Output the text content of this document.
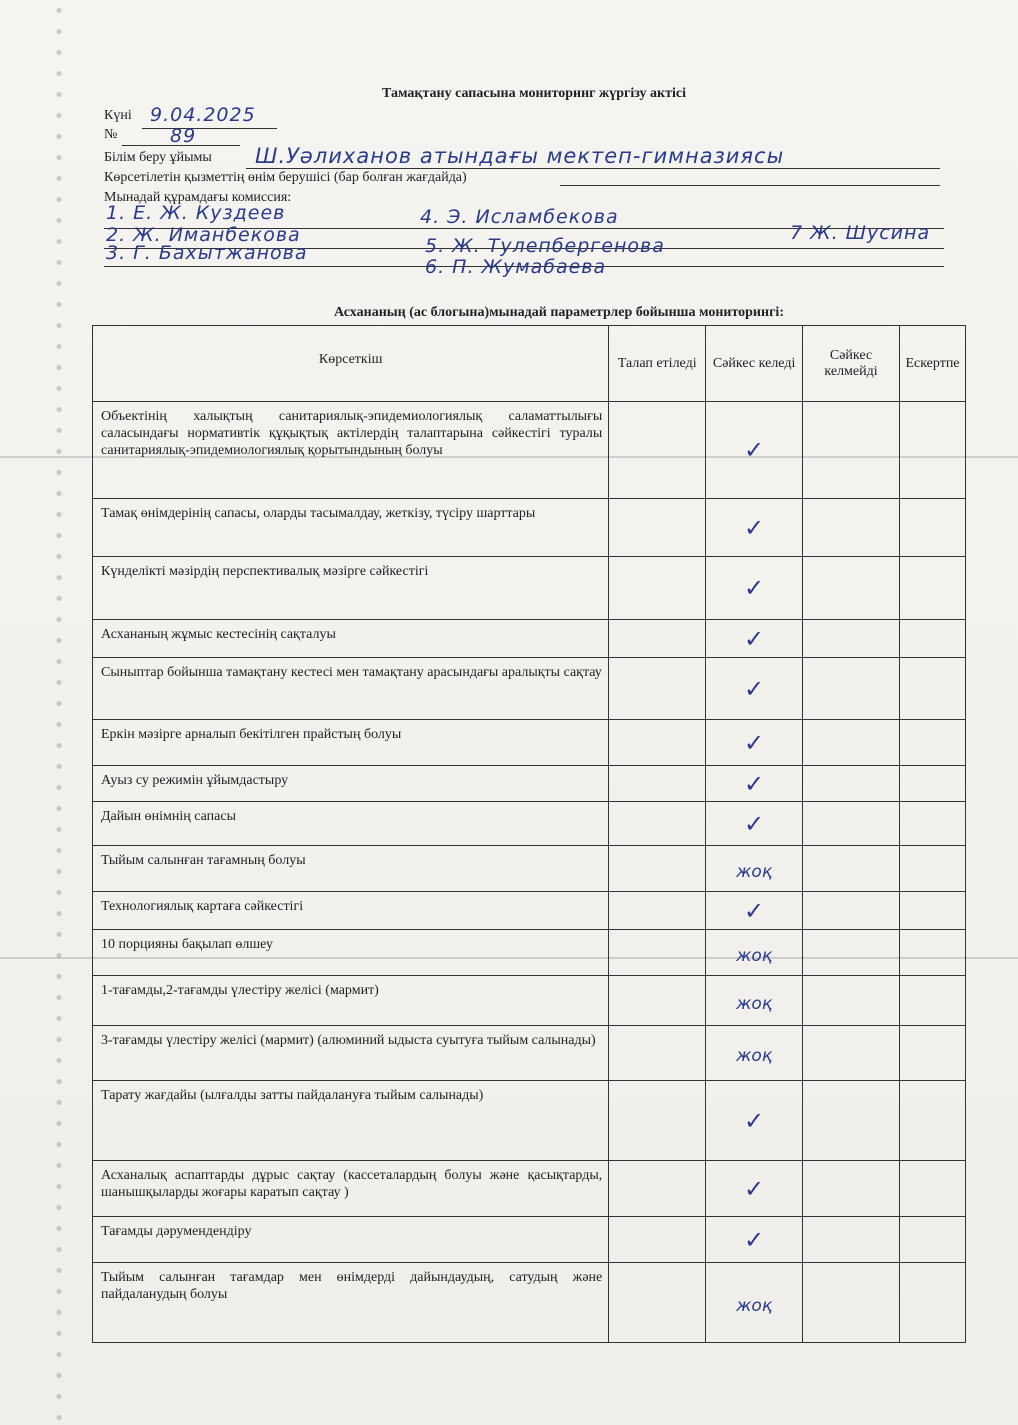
Тамақтану сапасына мониторинг жүргізу актісі
Күні 9.04.2025
№	89
Білім беру ұйымы Ш.Уәлиханов атындағы мектеп-гимназиясы
Көрсетілетін қызметтің өнім берушісі (бар болған жағдайда)
Мынадай құрамдағы комиссия:
1. Е. Ж. Куздеев
2. Ж. Иманбекова
3. Г. Бахытжанова
4. Э. Исламбекова
5. Ж. Тулепбергенова
6. П. Жумабаева
7 Ж. Шусина
Асхананың (ас блогына)мынадай параметрлер бойынша мониторингі:
Көрсеткіш	Талап етіледі	Сәйкес келеді	Сәйкес келмейді	Ескертпе
Объектінің халықтың санитариялық-эпидемиологиялық саламаттылығы саласындағы нормативтік құқықтық актілердің талаптарына сәйкестігі туралы санитариялық-эпидемиологиялық қорытындының болуы		✓		
Тамақ өнімдерінің сапасы, оларды тасымалдау, жеткізу, түсіру шарттары		✓		
Күнделікті мәзірдің перспективалық мәзірге сәйкестігі		✓		
Асхананың жұмыс кестесінің сақталуы		✓		
Сыныптар бойынша тамақтану кестесі мен тамақтану арасындағы аралықты сақтау		✓		
Еркін мәзірге арналып бекітілген прайстың болуы		✓		
Ауыз су режимін ұйымдастыру		✓		
Дайын өнімнің сапасы		✓		
Тыйым салынған тағамның болуы		жоқ		
Технологиялық картаға сәйкестігі		✓		
10 порцияны бақылап өлшеу		жоқ		
1-тағамды,2-тағамды үлестіру желісі (мармит)		жоқ		
3-тағамды үлестіру желісі (мармит) (алюминий ыдыста суытуға тыйым салынады)		жоқ		
Тарату жағдайы (ылғалды затты пайдалануға тыйым салынады)		✓		
Асханалық аспаптарды дұрыс сақтау (кассеталардың болуы және қасықтарды, шанышқыларды жоғары каратып сақтау )		✓		
Тағамды дәрумендендіру		✓		
Тыйым салынған тағамдар мен өнімдерді дайындаудың, сатудың және пайдаланудың болуы		жоқ		
